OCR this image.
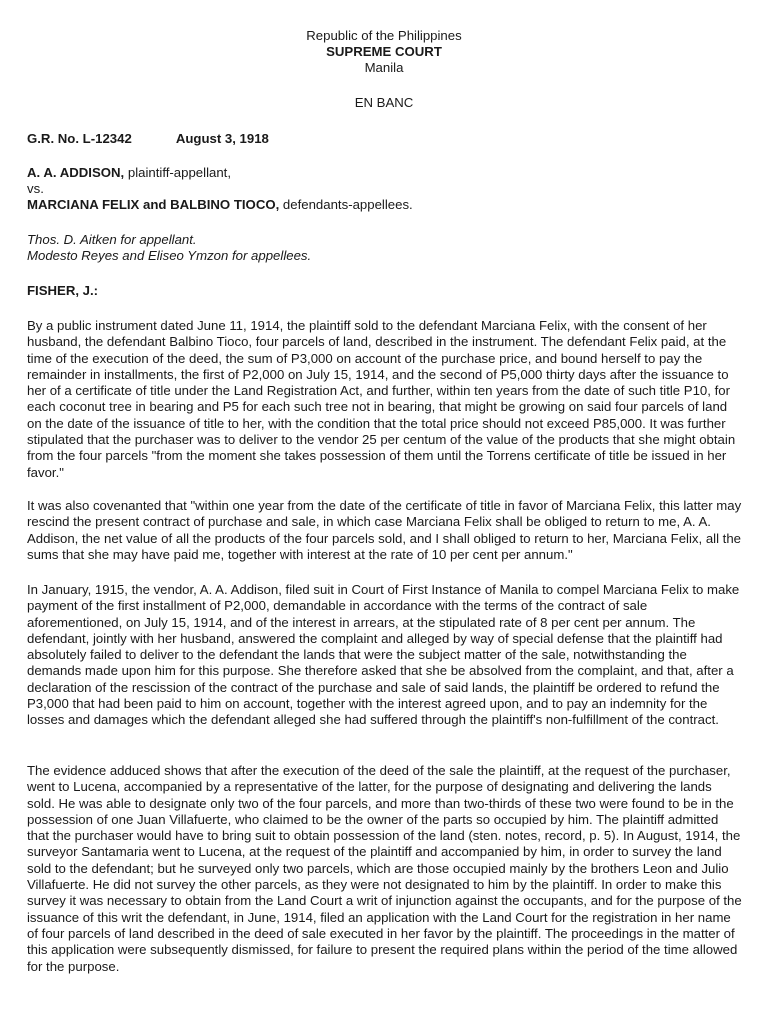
Republic of the Philippines
SUPREME COURT
Manila
EN BANC
G.R. No. L-12342	August 3, 1918
A. A. ADDISON, plaintiff-appellant,
vs.
MARCIANA FELIX and BALBINO TIOCO, defendants-appellees.
Thos. D. Aitken for appellant.
Modesto Reyes and Eliseo Ymzon for appellees.
FISHER, J.:

By a public instrument dated June 11, 1914, the plaintiff sold to the defendant Marciana Felix, with the consent of her husband, the defendant Balbino Tioco, four parcels of land, described in the instrument. The defendant Felix paid, at the time of the execution of the deed, the sum of P3,000 on account of the purchase price, and bound herself to pay the remainder in installments, the first of P2,000 on July 15, 1914, and the second of P5,000 thirty days after the issuance to her of a certificate of title under the Land Registration Act, and further, within ten years from the date of such title P10, for each coconut tree in bearing and P5 for each such tree not in bearing, that might be growing on said four parcels of land on the date of the issuance of title to her, with the condition that the total price should not exceed P85,000. It was further stipulated that the purchaser was to deliver to the vendor 25 per centum of the value of the products that she might obtain from the four parcels "from the moment she takes possession of them until the Torrens certificate of title be issued in her favor."

It was also covenanted that "within one year from the date of the certificate of title in favor of Marciana Felix, this latter may rescind the present contract of purchase and sale, in which case Marciana Felix shall be obliged to return to me, A. A. Addison, the net value of all the products of the four parcels sold, and I shall obliged to return to her, Marciana Felix, all the sums that she may have paid me, together with interest at the rate of 10 per cent per annum."

In January, 1915, the vendor, A. A. Addison, filed suit in Court of First Instance of Manila to compel Marciana Felix to make payment of the first installment of P2,000, demandable in accordance with the terms of the contract of sale aforementioned, on July 15, 1914, and of the interest in arrears, at the stipulated rate of 8 per cent per annum. The defendant, jointly with her husband, answered the complaint and alleged by way of special defense that the plaintiff had absolutely failed to deliver to the defendant the lands that were the subject matter of the sale, notwithstanding the demands made upon him for this purpose. She therefore asked that she be absolved from the complaint, and that, after a declaration of the rescission of the contract of the purchase and sale of said lands, the plaintiff be ordered to refund the P3,000 that had been paid to him on account, together with the interest agreed upon, and to pay an indemnity for the losses and damages which the defendant alleged she had suffered through the plaintiff's non-fulfillment of the contract.

The evidence adduced shows that after the execution of the deed of the sale the plaintiff, at the request of the purchaser, went to Lucena, accompanied by a representative of the latter, for the purpose of designating and delivering the lands sold. He was able to designate only two of the four parcels, and more than two-thirds of these two were found to be in the possession of one Juan Villafuerte, who claimed to be the owner of the parts so occupied by him. The plaintiff admitted that the purchaser would have to bring suit to obtain possession of the land (sten. notes, record, p. 5). In August, 1914, the surveyor Santamaria went to Lucena, at the request of the plaintiff and accompanied by him, in order to survey the land sold to the defendant; but he surveyed only two parcels, which are those occupied mainly by the brothers Leon and Julio Villafuerte. He did not survey the other parcels, as they were not designated to him by the plaintiff. In order to make this survey it was necessary to obtain from the Land Court a writ of injunction against the occupants, and for the purpose of the issuance of this writ the defendant, in June, 1914, filed an application with the Land Court for the registration in her name of four parcels of land described in the deed of sale executed in her favor by the plaintiff. The proceedings in the matter of this application were subsequently dismissed, for failure to present the required plans within the period of the time allowed for the purpose.
